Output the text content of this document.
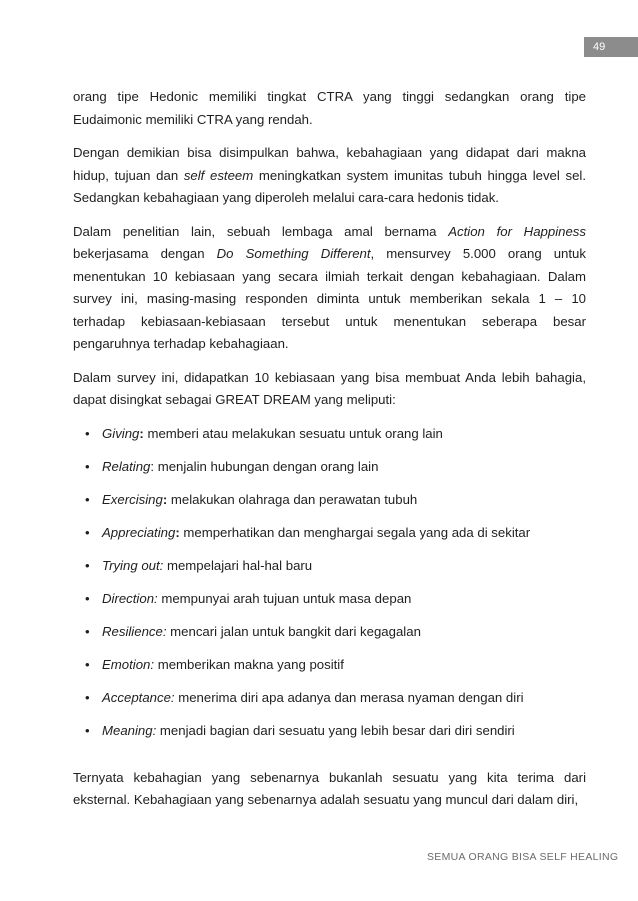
49

orang tipe Hedonic memiliki tingkat CTRA yang tinggi sedangkan orang tipe Eudaimonic memiliki CTRA yang rendah.

Dengan demikian bisa disimpulkan bahwa, kebahagiaan yang didapat dari makna hidup, tujuan dan self esteem meningkatkan system imunitas tubuh hingga level sel. Sedangkan kebahagiaan yang diperoleh melalui cara-cara hedonis tidak.

Dalam penelitian lain, sebuah lembaga amal bernama Action for Happiness bekerjasama dengan Do Something Different, mensurvey 5.000 orang untuk menentukan 10 kebiasaan yang secara ilmiah terkait dengan kebahagiaan. Dalam survey ini, masing-masing responden diminta untuk memberikan sekala 1 – 10 terhadap kebiasaan-kebiasaan tersebut untuk menentukan seberapa besar pengaruhnya terhadap kebahagiaan.

Dalam survey ini, didapatkan 10 kebiasaan yang bisa membuat Anda lebih bahagia, dapat disingkat sebagai GREAT DREAM yang meliputi:

• Giving: memberi atau melakukan sesuatu untuk orang lain
• Relating: menjalin hubungan dengan orang lain
• Exercising: melakukan olahraga dan perawatan tubuh
• Appreciating: memperhatikan dan menghargai segala yang ada di sekitar
• Trying out: mempelajari hal-hal baru
• Direction: mempunyai arah tujuan untuk masa depan
• Resilience: mencari jalan untuk bangkit dari kegagalan
• Emotion: memberikan makna yang positif
• Acceptance: menerima diri apa adanya dan merasa nyaman dengan diri
• Meaning: menjadi bagian dari sesuatu yang lebih besar dari diri sendiri

Ternyata kebahagian yang sebenarnya bukanlah sesuatu yang kita terima dari eksternal. Kebahagiaan yang sebenarnya adalah sesuatu yang muncul dari dalam diri,

SEMUA ORANG BISA SELF HEALING
